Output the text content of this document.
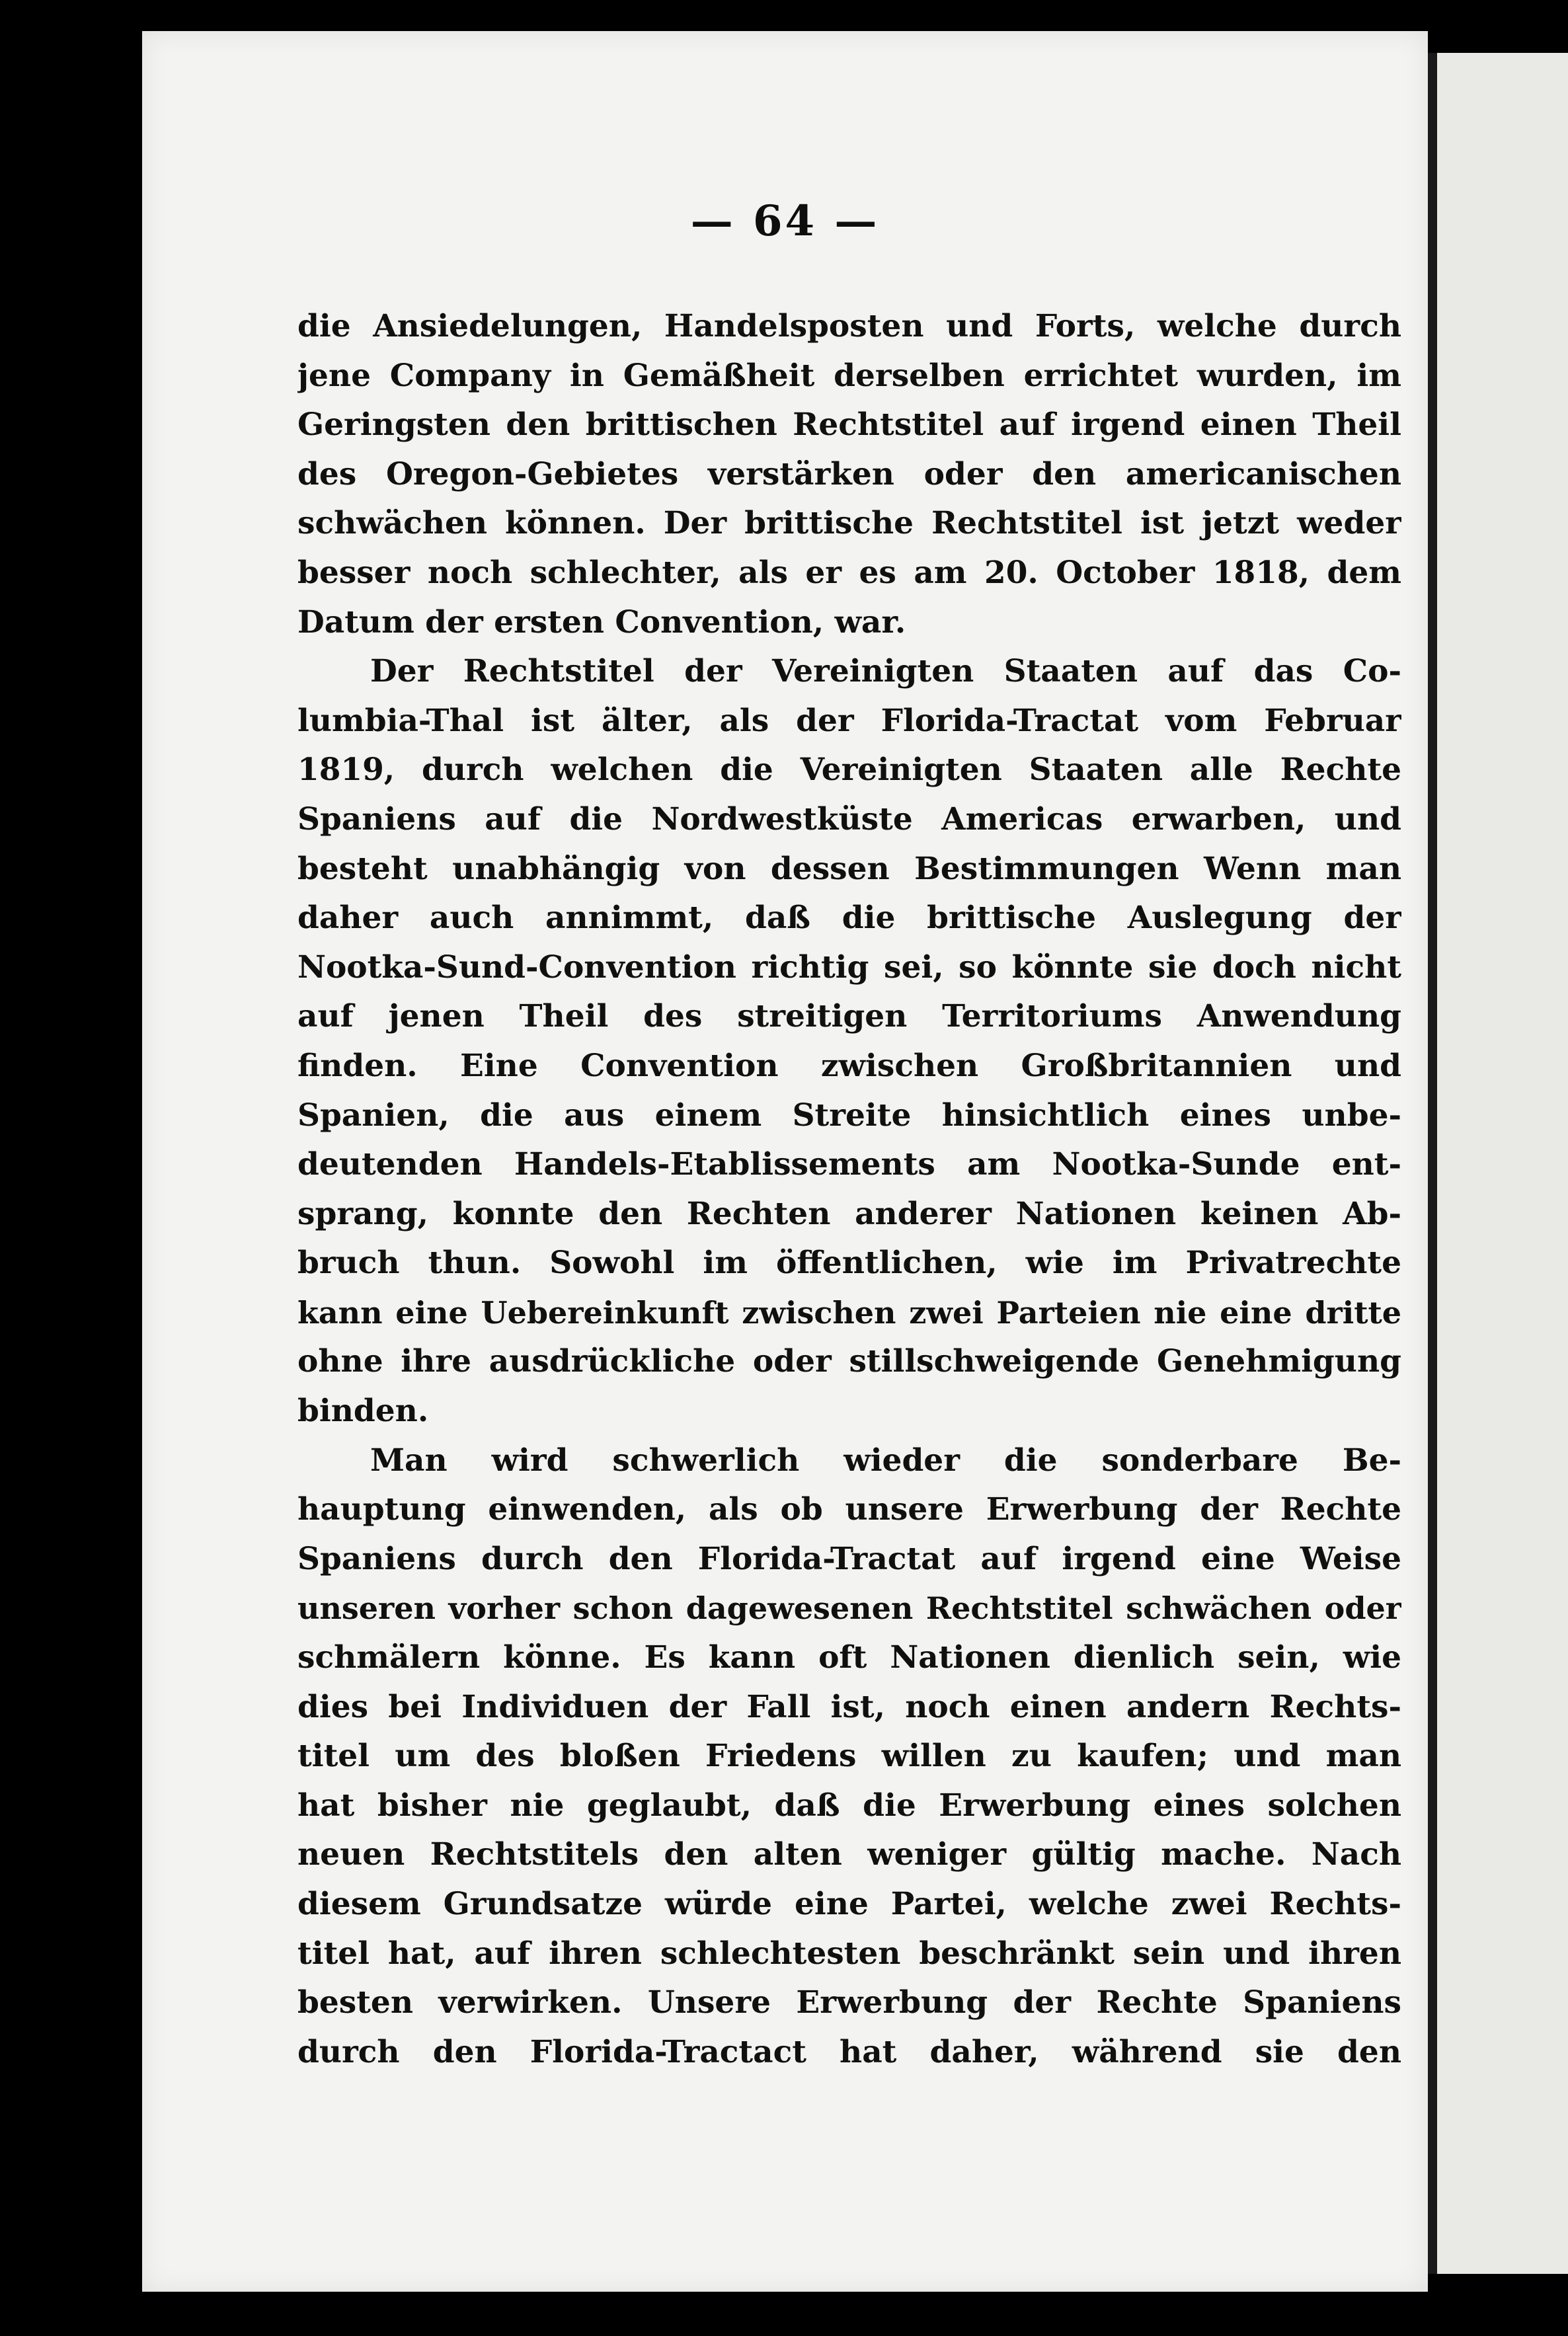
— 64 —
die Ansiedelungen, Handelsposten und Forts, welche durch
jene Company in Gemäßheit derselben errichtet wurden, im
Geringsten den brittischen Rechtstitel auf irgend einen Theil
des Oregon-Gebietes verstärken oder den americanischen
schwächen können. Der brittische Rechtstitel ist jetzt weder
besser noch schlechter, als er es am 20. October 1818, dem
Datum der ersten Convention, war.
Der Rechtstitel der Vereinigten Staaten auf das Co-
lumbia-Thal ist älter, als der Florida-Tractat vom Februar
1819, durch welchen die Vereinigten Staaten alle Rechte
Spaniens auf die Nordwestküste Americas erwarben, und
besteht unabhängig von dessen Bestimmungen Wenn man
daher auch annimmt, daß die brittische Auslegung der
Nootka-Sund-Convention richtig sei, so könnte sie doch nicht
auf jenen Theil des streitigen Territoriums Anwendung
finden. Eine Convention zwischen Großbritannien und
Spanien, die aus einem Streite hinsichtlich eines unbe-
deutenden Handels-Etablissements am Nootka-Sunde ent-
sprang, konnte den Rechten anderer Nationen keinen Ab-
bruch thun. Sowohl im öffentlichen, wie im Privatrechte
kann eine Uebereinkunft zwischen zwei Parteien nie eine dritte
ohne ihre ausdrückliche oder stillschweigende Genehmigung
binden.
Man wird schwerlich wieder die sonderbare Be-
hauptung einwenden, als ob unsere Erwerbung der Rechte
Spaniens durch den Florida-Tractat auf irgend eine Weise
unseren vorher schon dagewesenen Rechtstitel schwächen oder
schmälern könne. Es kann oft Nationen dienlich sein, wie
dies bei Individuen der Fall ist, noch einen andern Rechts-
titel um des bloßen Friedens willen zu kaufen; und man
hat bisher nie geglaubt, daß die Erwerbung eines solchen
neuen Rechtstitels den alten weniger gültig mache. Nach
diesem Grundsatze würde eine Partei, welche zwei Rechts-
titel hat, auf ihren schlechtesten beschränkt sein und ihren
besten verwirken. Unsere Erwerbung der Rechte Spaniens
durch den Florida-Tractact hat daher, während sie den
